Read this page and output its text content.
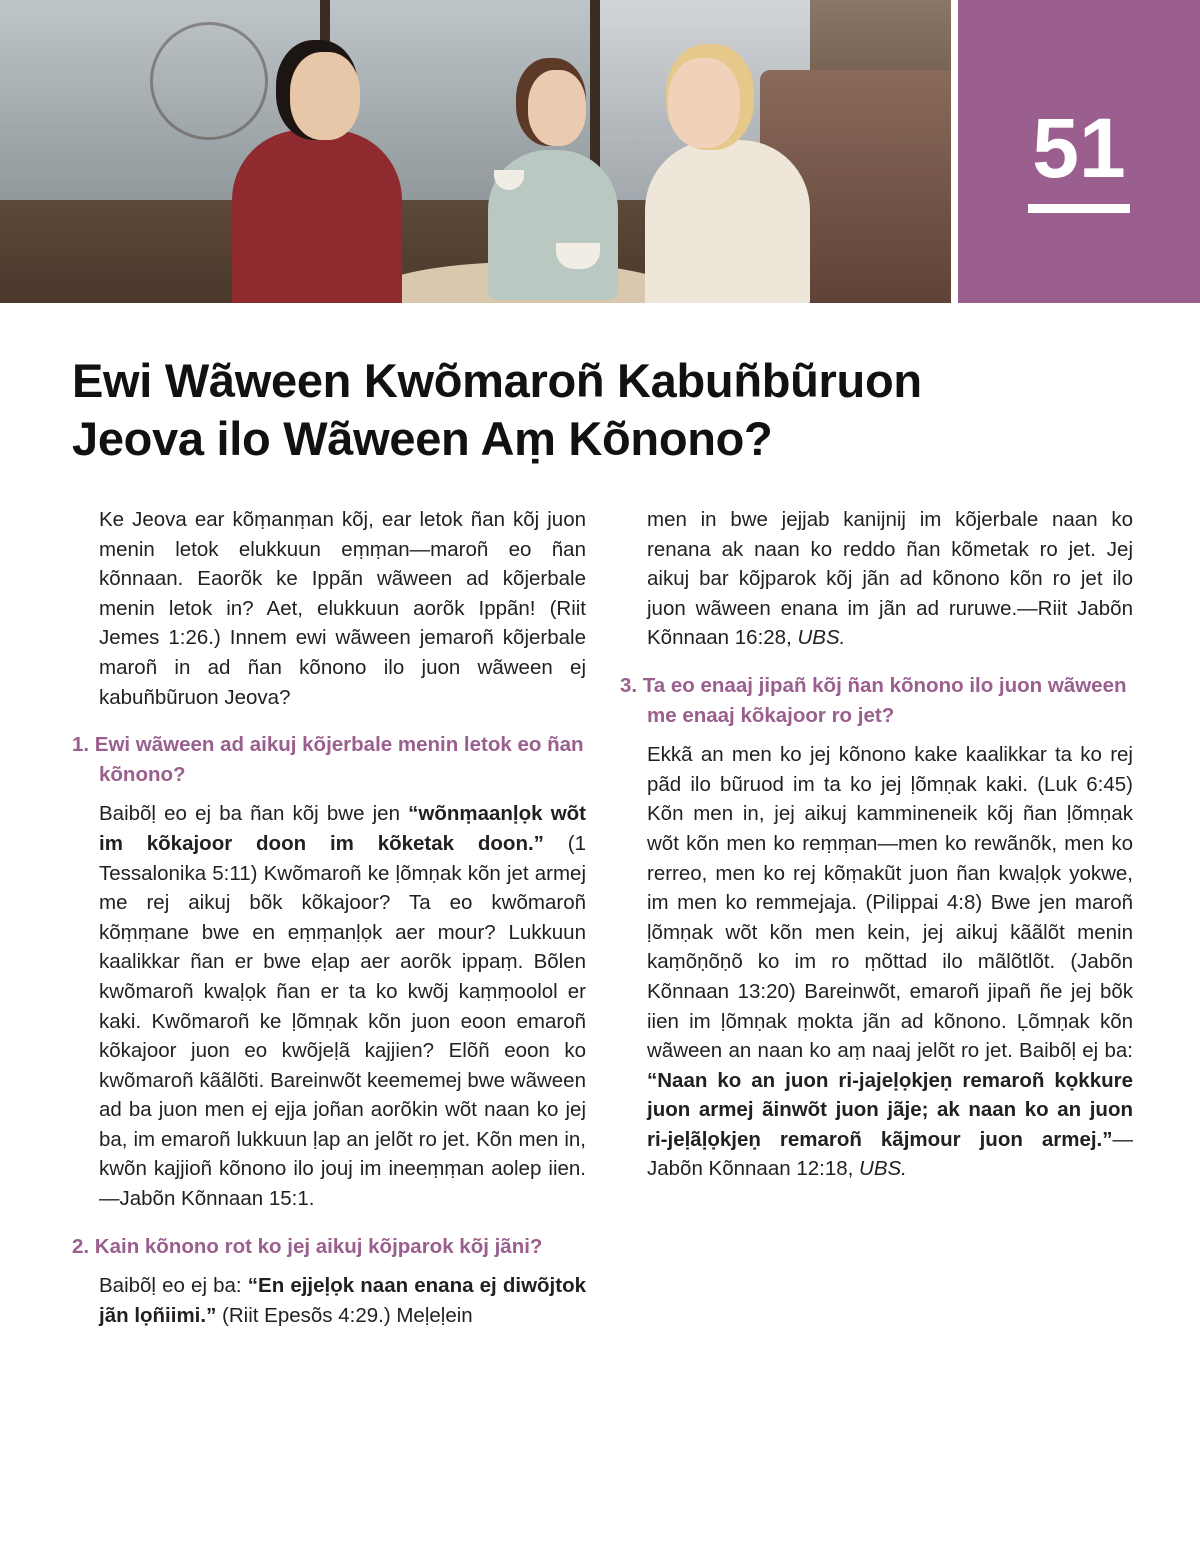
51
Ewi Wãween Kwõmaroñ Kabuñbũruon
Jeova ilo Wãween Aṃ Kõnono?

Ke Jeova ear kõṃanṃan kõj, ear letok ñan kõj juon menin letok elukkuun eṃṃan—maroñ eo ñan kõnnaan. Eaorõk ke Ippãn wãween ad kõjerbale menin letok in? Aet, elukkuun aorõk Ippãn! (Riit Jemes 1:26.) Innem ewi wãween jemaroñ kõjerbale maroñ in ad ñan kõnono ilo juon wãween ej kabuñbũruon Jeova?

1. Ewi wãween ad aikuj kõjerbale menin letok eo ñan kõnono?

Baibõḷ eo ej ba ñan kõj bwe jen “wõnṃaanḷọk wõt im kõkajoor doon im kõketak doon.” (1 Tessalonika 5:11) Kwõmaroñ ke ḷõmṇak kõn jet armej me rej aikuj bõk kõkajoor? Ta eo kwõmaroñ kõṃṃane bwe en eṃṃanḷọk aer mour? Lukkuun kaalikkar ñan er bwe eḷap aer aorõk ippaṃ. Bõlen kwõmaroñ kwaḷọk ñan er ta ko kwõj kaṃṃoolol er kaki. Kwõmaroñ ke ḷõmṇak kõn juon eoon emaroñ kõkajoor juon eo kwõjeḷã kajjien? Elõñ eoon ko kwõmaroñ kããlõti. Bareinwõt keememej bwe wãween ad ba juon men ej ejja joñan aorõkin wõt naan ko jej ba, im emaroñ lukkuun ḷap an jelõt ro jet. Kõn men in, kwõn kajjioñ kõnono ilo jouj im ineeṃṃan aolep iien. —Jabõn Kõnnaan 15:1.

2. Kain kõnono rot ko jej aikuj kõjparok kõj jãni?

Baibõḷ eo ej ba: “En ejjeḷọk naan enana ej diwõjtok jãn lọñiimi.” (Riit Epesõs 4:29.) Meḷeḷein

men in bwe jejjab kanijnij im kõjerbale naan ko renana ak naan ko reddo ñan kõmetak ro jet. Jej aikuj bar kõjparok kõj jãn ad kõnono kõn ro jet ilo juon wãween enana im jãn ad ruruwe.—Riit Jabõn Kõnnaan 16:28, UBS.

3. Ta eo enaaj jipañ kõj ñan kõnono ilo juon wãween me enaaj kõkajoor ro jet?

Ekkã an men ko jej kõnono kake kaalikkar ta ko rej pãd ilo bũruod im ta ko jej ḷõmṇak kaki. (Luk 6:45) Kõn men in, jej aikuj kammineneik kõj ñan ḷõmṇak wõt kõn men ko reṃṃan—men ko rewãnõk, men ko rerreo, men ko rej kõṃakũt juon ñan kwaḷọk yokwe, im men ko remmejaja. (Pilippai 4:8) Bwe jen maroñ ḷõmṇak wõt kõn men kein, jej aikuj kããlõt menin kaṃõṇõṇõ ko im ro ṃõttad ilo mãlõtlõt. (Jabõn Kõnnaan 13:20) Bareinwõt, emaroñ jipañ ñe jej bõk iien im ḷõmṇak ṃokta jãn ad kõnono. Ḷõmṇak kõn wãween an naan ko aṃ naaj jelõt ro jet. Baibõḷ ej ba: “Naan ko an juon ri-jajeḷọkjeṇ remaroñ kọkkure juon armej ãinwõt juon jãje; ak naan ko an juon ri-jeḷãḷọkjeṇ remaroñ kãjmour juon armej.”—Jabõn Kõnnaan 12:18, UBS.
